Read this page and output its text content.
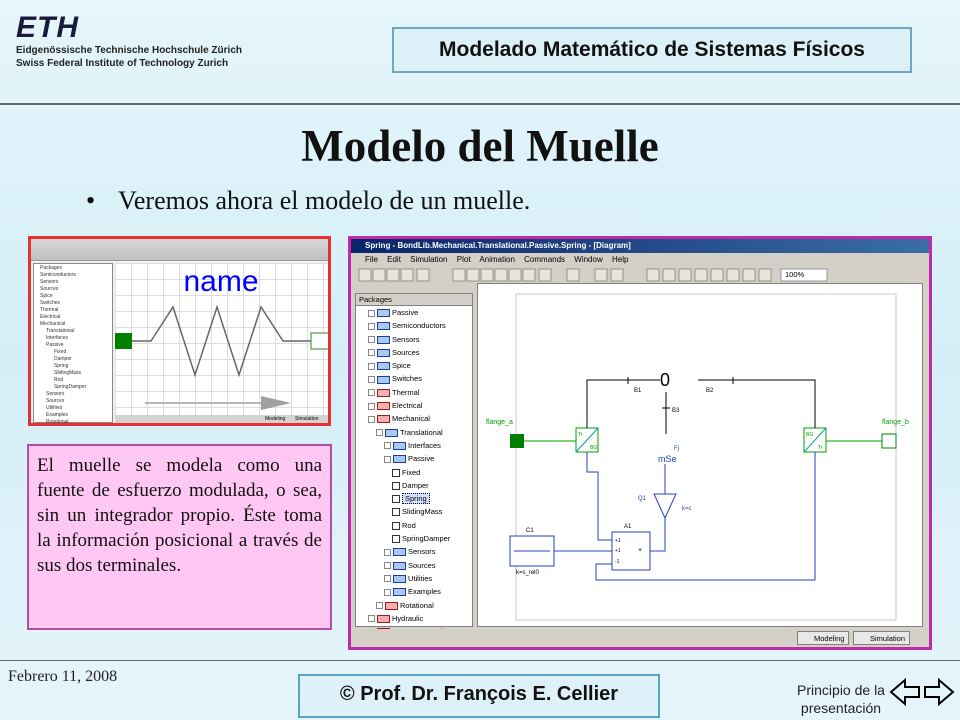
ETH
Eidgenössische Technische Hochschule Zürich
Swiss Federal Institute of Technology Zurich
Modelado Matemático de Sistemas Físicos
Modelo del Muelle
• Veremos ahora el modelo de un muelle.
Packages
Semiconductors
Sensors
Sources
Spice
Switches
Thermal
Electrical
Mechanical
Translational
Interfaces
Passive
Fixed
Damper
Spring
SlidingMass
Rod
SpringDamper
Sensors
Sources
Utilities
Examples
Rotational
name
Modeling Simulation
El muelle se modela como una fuente de esfuerzo modulada, o sea, sin un integrador propio. Éste toma la información posicional a través de sus dos terminales.
Spring - BondLib.Mechanical.Translational.Passive.Spring - [Diagram]
File Edit Simulation Plot Animation Commands Window Help
100%
Packages
Passive
Semiconductors
Sensors
Sources
Spice
Switches
Thermal
Electrical
Mechanical
Translational
Interfaces
Passive
Fixed
Damper
Spring
SlidingMass
Rod
SpringDamper
Sensors
Sources
Utilities
Examples
Rotational
Hydraulic
flange_a	flange_b
Tr
BG
BG
Tr
B1
0
B2
B3
mSe
Fj
Q1
k=c
C1
k=s_rel0
A1
+1
+1
-1
+
Modeling	Simulation
Febrero 11, 2008
© Prof. Dr. François E. Cellier	Principio de la presentación
